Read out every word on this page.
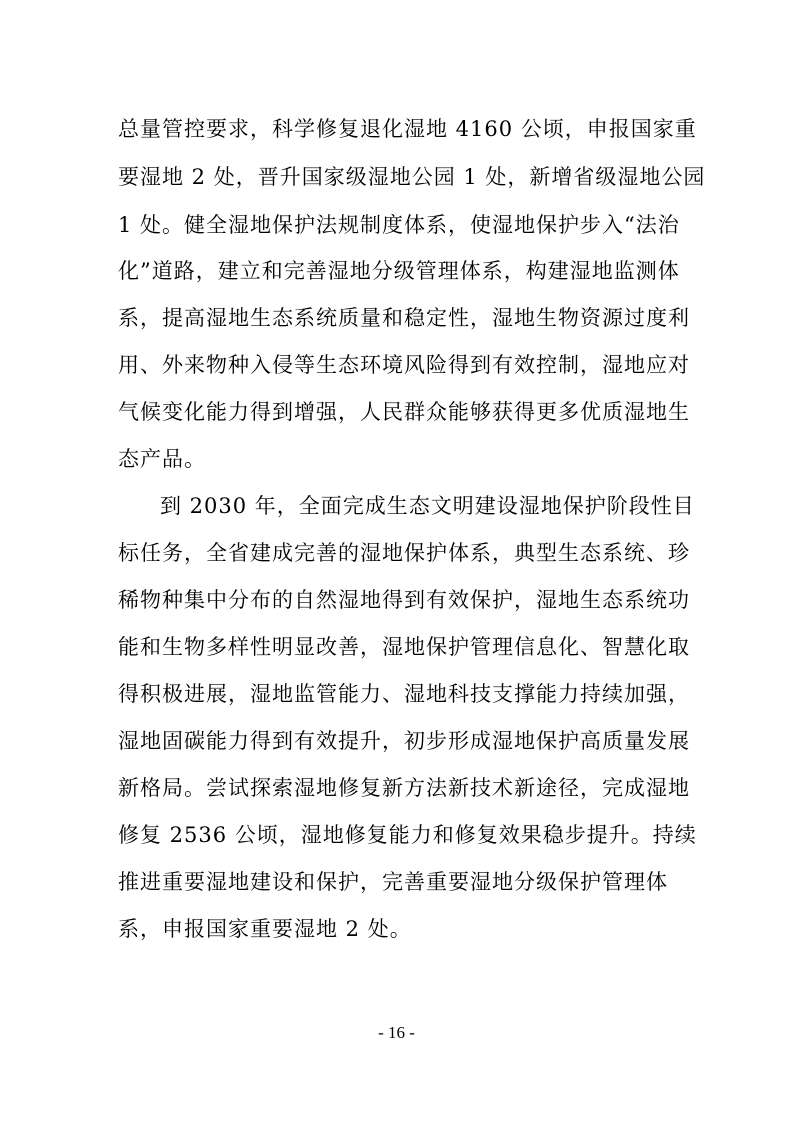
总量管控要求，科学修复退化湿地 4160 公顷，申报国家重
要湿地 2 处，晋升国家级湿地公园 1 处，新增省级湿地公园
1 处。健全湿地保护法规制度体系，使湿地保护步入“法治
化”道路，建立和完善湿地分级管理体系，构建湿地监测体
系，提高湿地生态系统质量和稳定性，湿地生物资源过度利
用、外来物种入侵等生态环境风险得到有效控制，湿地应对
气候变化能力得到增强，人民群众能够获得更多优质湿地生
态产品。
到 2030 年，全面完成生态文明建设湿地保护阶段性目
标任务，全省建成完善的湿地保护体系，典型生态系统、珍
稀物种集中分布的自然湿地得到有效保护，湿地生态系统功
能和生物多样性明显改善，湿地保护管理信息化、智慧化取
得积极进展，湿地监管能力、湿地科技支撑能力持续加强，
湿地固碳能力得到有效提升，初步形成湿地保护高质量发展
新格局。尝试探索湿地修复新方法新技术新途径，完成湿地
修复 2536 公顷，湿地修复能力和修复效果稳步提升。持续
推进重要湿地建设和保护，完善重要湿地分级保护管理体
系，申报国家重要湿地 2 处。
- 16 -
